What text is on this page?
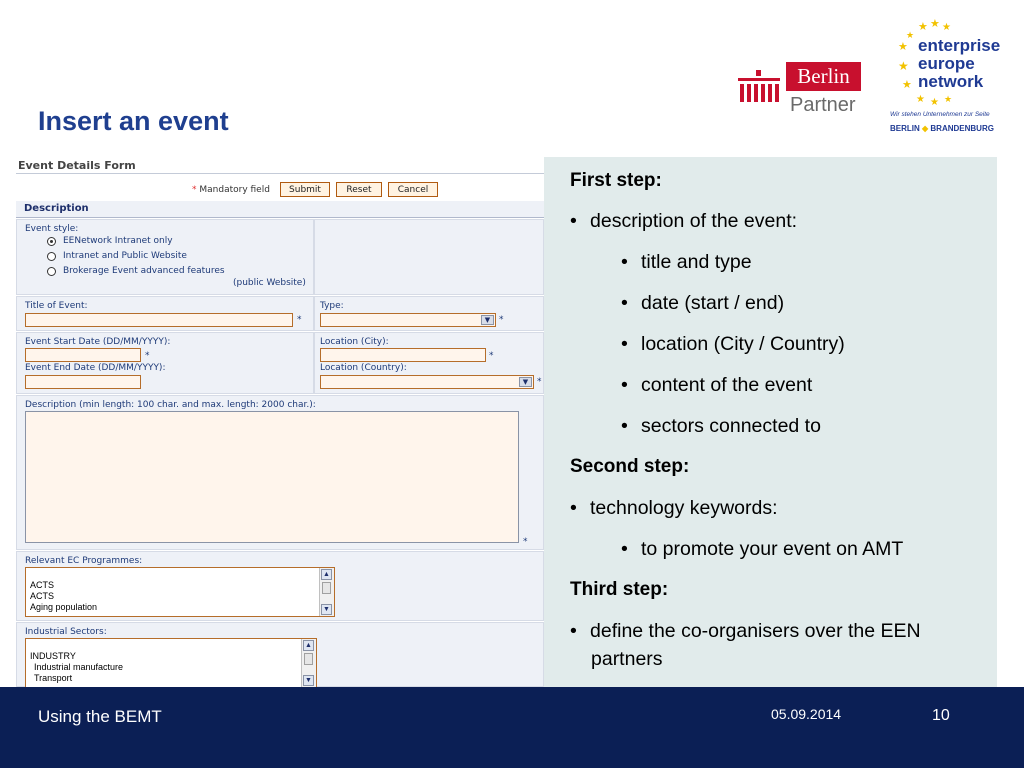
Insert an event
Berlin
Partner
★ ★ ★
★
★
★
★
★ ★ ★
enterprise
europe
network
Wir stehen Unternehmen zur Seite
BERLIN ◆ BRANDENBURG
Event Details Form
* Mandatory field	Submit	Reset	Cancel
Description
Event style:
EENetwork Intranet only
Intranet and Public Website
Brokerage Event advanced features
(public Website)
Title of Event:
*
Type:
▼ *
Event Start Date (DD/MM/YYYY):
*
Event End Date (DD/MM/YYYY):
Location (City):
*
Location (Country):
▼ *
Description (min length: 100 char. and max. length: 2000 char.):
*
Relevant EC Programmes:
ACTS
ACTS
Aging population
▲
▼
Industrial Sectors:
INDUSTRY
Industrial manufacture
Transport
▲
▼
First step:
• description of the event:
• title and type
• date (start / end)
• location (City / Country)
• content of the event
• sectors connected to
Second step:
• technology keywords:
• to promote your event on AMT
Third step:
• define the co-organisers over the EEN
partners
Using the BEMT	05.09.2014	10
